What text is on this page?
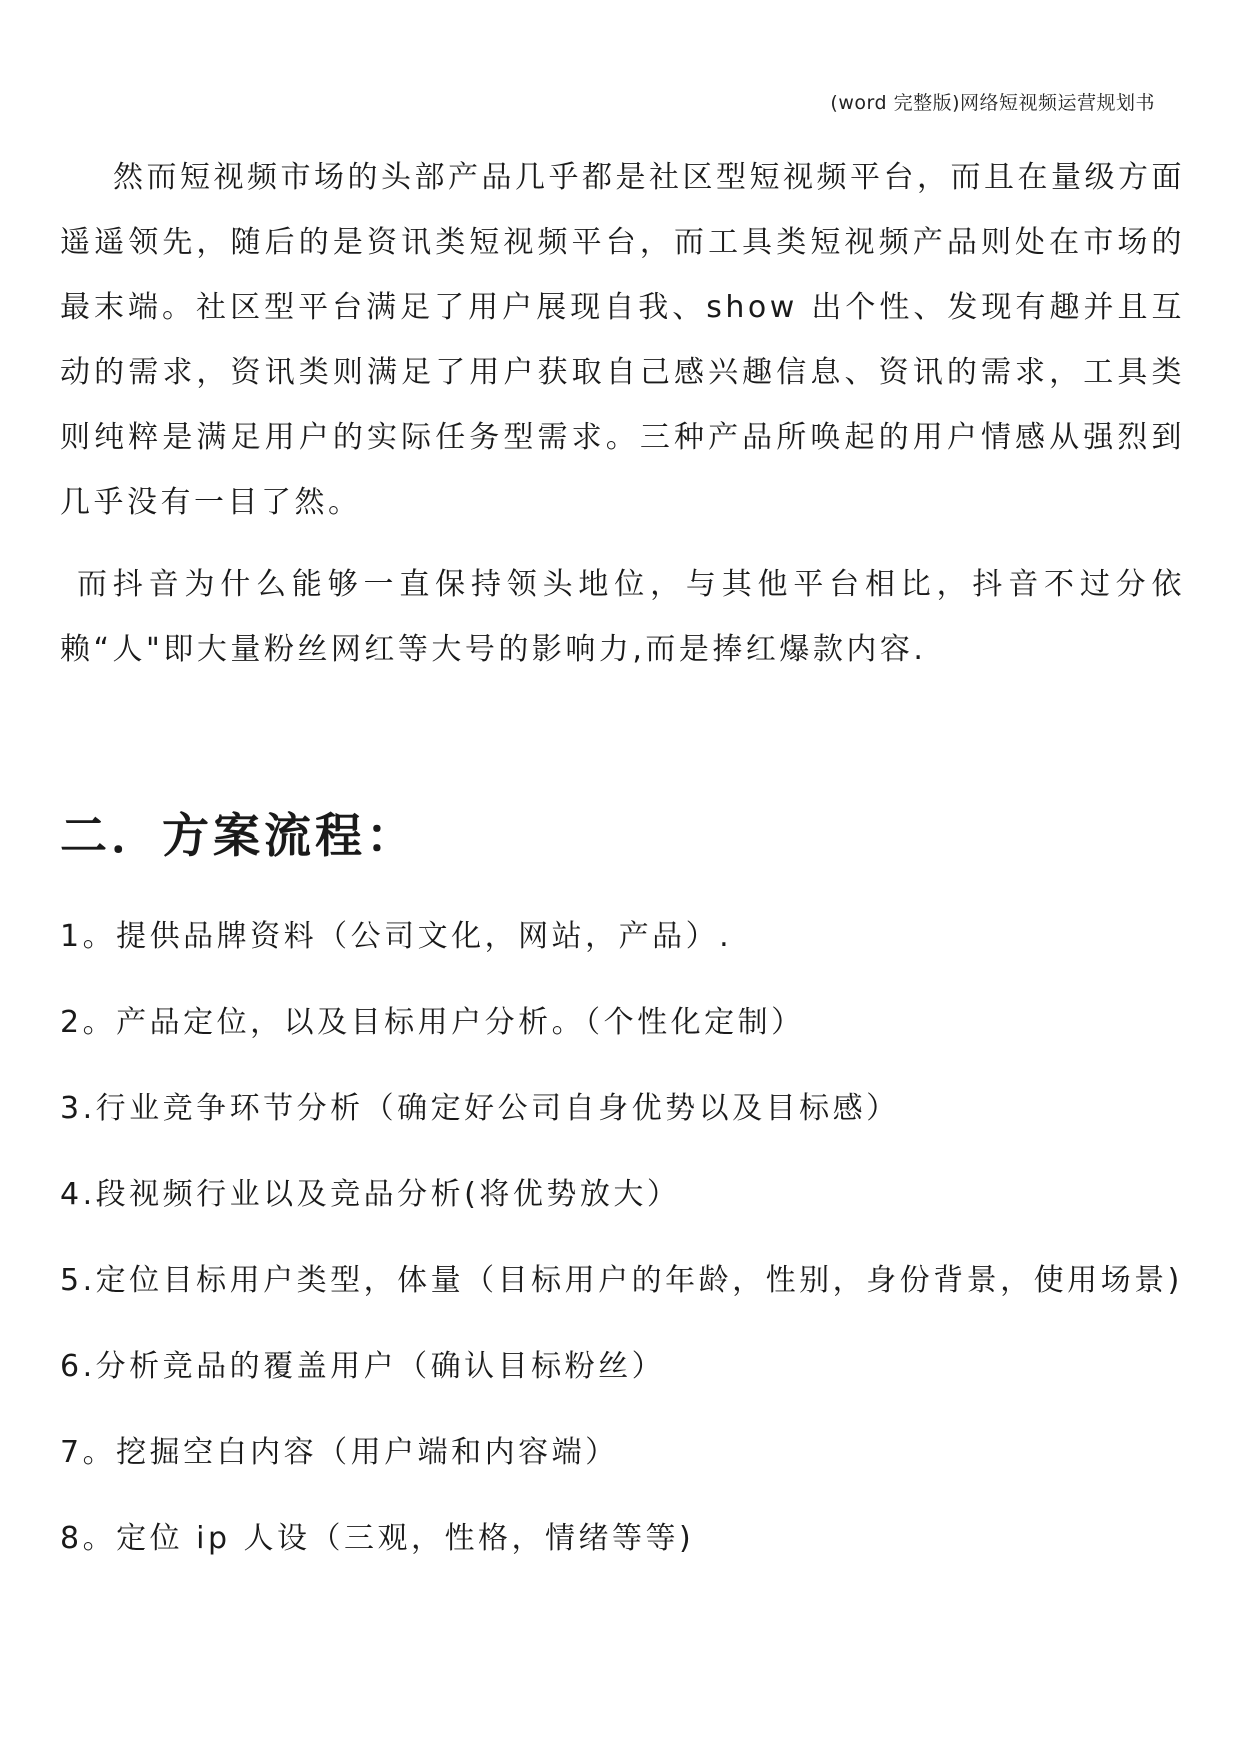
(word 完整版)网络短视频运营规划书

然而短视频市场的头部产品几乎都是社区型短视频平台，而且在量级方面遥遥领先，随后的是资讯类短视频平台，而工具类短视频产品则处在市场的最末端。社区型平台满足了用户展现自我、show 出个性、发现有趣并且互动的需求，资讯类则满足了用户获取自己感兴趣信息、资讯的需求，工具类则纯粹是满足用户的实际任务型需求。三种产品所唤起的用户情感从强烈到几乎没有一目了然。

而抖音为什么能够一直保持领头地位，与其他平台相比，抖音不过分依赖“人"即大量粉丝网红等大号的影响力,而是捧红爆款内容.

二．方案流程：
1。提供品牌资料（公司文化，网站，产品）.
2。产品定位，以及目标用户分析。（个性化定制）
3.行业竞争环节分析（确定好公司自身优势以及目标感）
4.段视频行业以及竞品分析(将优势放大）
5.定位目标用户类型，体量（目标用户的年龄，性别，身份背景，使用场景)
6.分析竞品的覆盖用户（确认目标粉丝）
7。挖掘空白内容（用户端和内容端）
8。定位 ip 人设（三观，性格，情绪等等)
